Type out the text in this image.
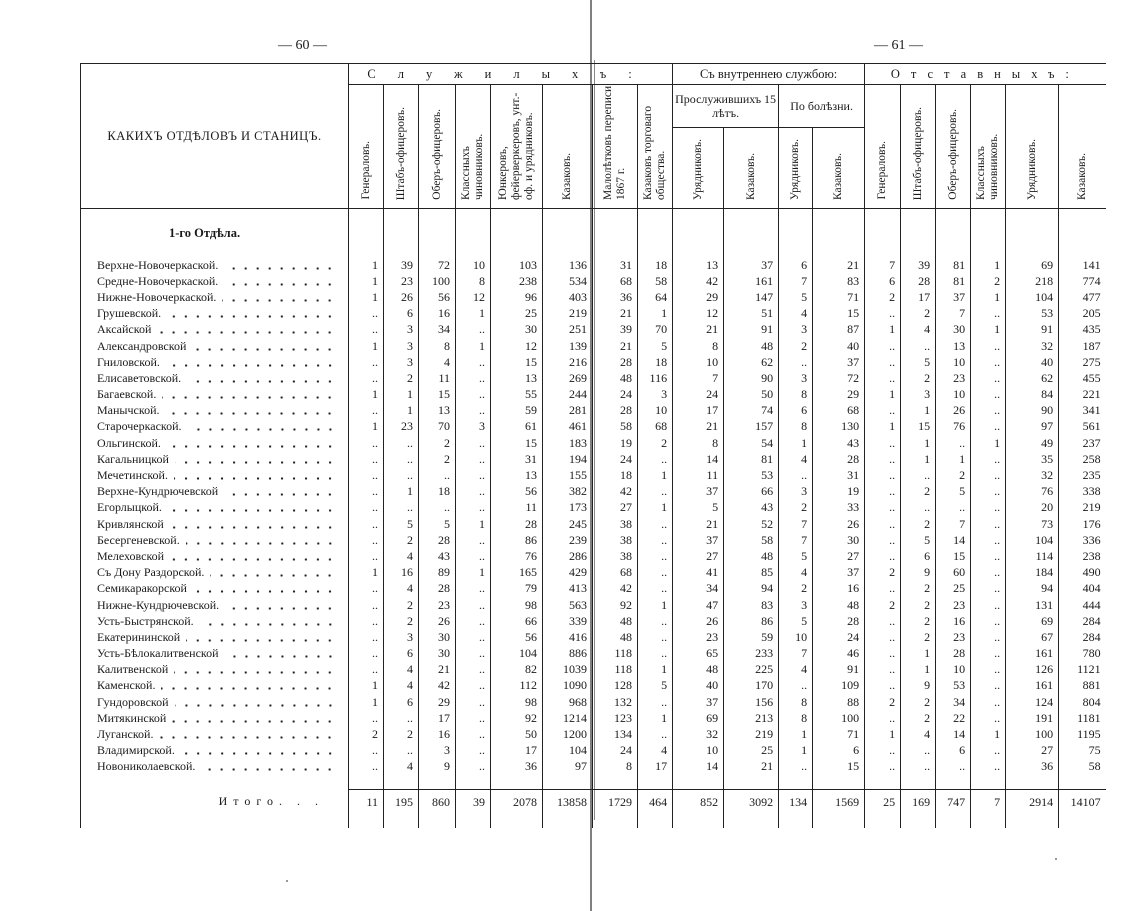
— 60 —	— 61 —
КАКИХЪ ОТДѢЛОВЪ И СТАНИЦЪ.	Служилыхъ:								Съ внутреннею службою:				Отставныхъ:					
	Генераловъ.	Штабъ-офицеровъ.	Оберъ-офицеровъ.	Классныхъ чиновниковъ.	Юнкеровъ, фейерверкеровъ, унт.-оф. и урядниковъ.	Казаковъ.	Малолѣтковъ переписи 1867 г.	Казаковъ торговаго общества.	Прослужившихъ 15 лѣтъ.		По болѣзни.		Генераловъ.	Штабъ-офицеровъ.	Оберъ-офицеровъ.	Классныхъ чиновниковъ.	Урядниковъ.	Казаковъ.
									Урядниковъ.	Казаковъ.	Урядниковъ.	Казаковъ.						
1-го Отдѣла.																		

Верхне-Новочеркаской.	1	39	72	10	103	136	31	18	13	37	6	21	7	39	81	1	69	141

Средне-Новочеркаской.	1	23	100	8	238	534	68	58	42	161	7	83	6	28	81	2	218	774

Нижне-Новочеркаской.	1	26	56	12	96	403	36	64	29	147	5	71	2	17	37	1	104	477

Грушевской.	..	6	16	1	25	219	21	1	12	51	4	15	..	2	7	..	53	205

Аксайской	..	3	34	..	30	251	39	70	21	91	3	87	1	4	30	1	91	435

Александровской	1	3	8	1	12	139	21	5	8	48	2	40	..	..	13	..	32	187

Гниловской.	..	3	4	..	15	216	28	18	10	62	..	37	..	5	10	..	40	275

Елисаветовской.	..	2	11	..	13	269	48	116	7	90	3	72	..	2	23	..	62	455

Багаевской.	1	1	15	..	55	244	24	3	24	50	8	29	1	3	10	..	84	221

Манычской.	..	1	13	..	59	281	28	10	17	74	6	68	..	1	26	..	90	341

Старочеркаской.	1	23	70	3	61	461	58	68	21	157	8	130	1	15	76	..	97	561

Ольгинской.	..	..	2	..	15	183	19	2	8	54	1	43	..	1	..	1	49	237

Кагальницкой	..	..	2	..	31	194	24	..	14	81	4	28	..	1	1	..	35	258

Мечетинской.	..	..	..	..	13	155	18	1	11	53	..	31	..	..	2	..	32	235

Верхне-Кундрючевской	..	1	18	..	56	382	42	..	37	66	3	19	..	2	5	..	76	338

Егорлыцкой.	..	..	..	..	11	173	27	1	5	43	2	33	..	..	..	..	20	219

Кривлянской	..	5	5	1	28	245	38	..	21	52	7	26	..	2	7	..	73	176

Бесергеневской.	..	2	28	..	86	239	38	..	37	58	7	30	..	5	14	..	104	336

Мелеховской	..	4	43	..	76	286	38	..	27	48	5	27	..	6	15	..	114	238

Съ Дону Раздорской.	1	16	89	1	165	429	68	..	41	85	4	37	2	9	60	..	184	490

Семикаракорской	..	4	28	..	79	413	42	..	34	94	2	16	..	2	25	..	94	404

Нижне-Кундрючевской.	..	2	23	..	98	563	92	1	47	83	3	48	2	2	23	..	131	444

Усть-Быстрянской.	..	2	26	..	66	339	48	..	26	86	5	28	..	2	16	..	69	284

Екатерининской	..	3	30	..	56	416	48	..	23	59	10	24	..	2	23	..	67	284

Усть-Бѣлокалитвенской	..	6	30	..	104	886	118	..	65	233	7	46	..	1	28	..	161	780

Калитвенской	..	4	21	..	82	1039	118	1	48	225	4	91	..	1	10	..	126	1121

Каменской.	1	4	42	..	112	1090	128	5	40	170	..	109	..	9	53	..	161	881

Гундоровской	1	6	29	..	98	968	132	..	37	156	8	88	2	2	34	..	124	804

Митякинской	..	..	17	..	92	1214	123	1	69	213	8	100	..	2	22	..	191	1181

Луганской.	2	2	16	..	50	1200	134	..	32	219	1	71	1	4	14	1	100	1195

Владимирской.	..	..	3	..	17	104	24	4	10	25	1	6	..	..	6	..	27	75

Новониколаевской.	..	4	9	..	36	97	8	17	14	21	..	15	..	..	..	..	36	58

Итого. . .	11	195	860	39	2078	13858	1729	464	852	3092	134	1569	25	169	747	7	2914	14107
